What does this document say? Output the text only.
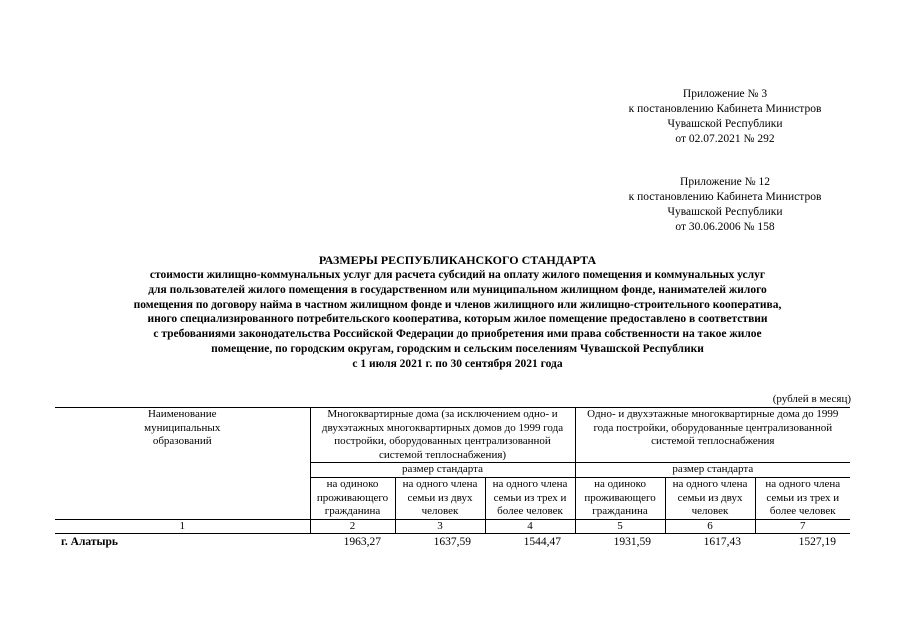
Приложение № 3
к постановлению Кабинета Министров
Чувашской Республики
от 02.07.2021 № 292
Приложение № 12
к постановлению Кабинета Министров
Чувашской Республики
от 30.06.2006 № 158
РАЗМЕРЫ РЕСПУБЛИКАНСКОГО СТАНДАРТА
стоимости жилищно-коммунальных услуг для расчета субсидий на оплату жилого помещения и коммунальных услуг
для пользователей жилого помещения в государственном или муниципальном жилищном фонде, нанимателей жилого
помещения по договору найма в частном жилищном фонде и членов жилищного или жилищно-строительного кооператива,
иного специализированного потребительского кооператива, которым жилое помещение предоставлено в соответствии
с требованиями законодательства Российской Федерации до приобретения ими права собственности на такое жилое
помещение, по городским округам, городским и сельским поселениям Чувашской Республики
с 1 июля 2021 г. по 30 сентября 2021 года
(рублей в месяц)
Наименование муниципальных образований	Многоквартирные дома (за исключением одно- и двухэтажных многоквартирных домов до 1999 года постройки, оборудованных централизованной системой теплоснабжения)			Одно- и двухэтажные многоквартирные дома до 1999 года постройки, оборудованные централизованной системой теплоснабжения		
	размер стандарта			размер стандарта		
	на одиноко проживающего гражданина	на одного члена семьи из двух человек	на одного члена семьи из трех и более человек	на одиноко проживающего гражданина	на одного члена семьи из двух человек	на одного члена семьи из трех и более человек
1	2	3	4	5	6	7
г. Алатырь	1963,27	1637,59	1544,47	1931,59	1617,43	1527,19
